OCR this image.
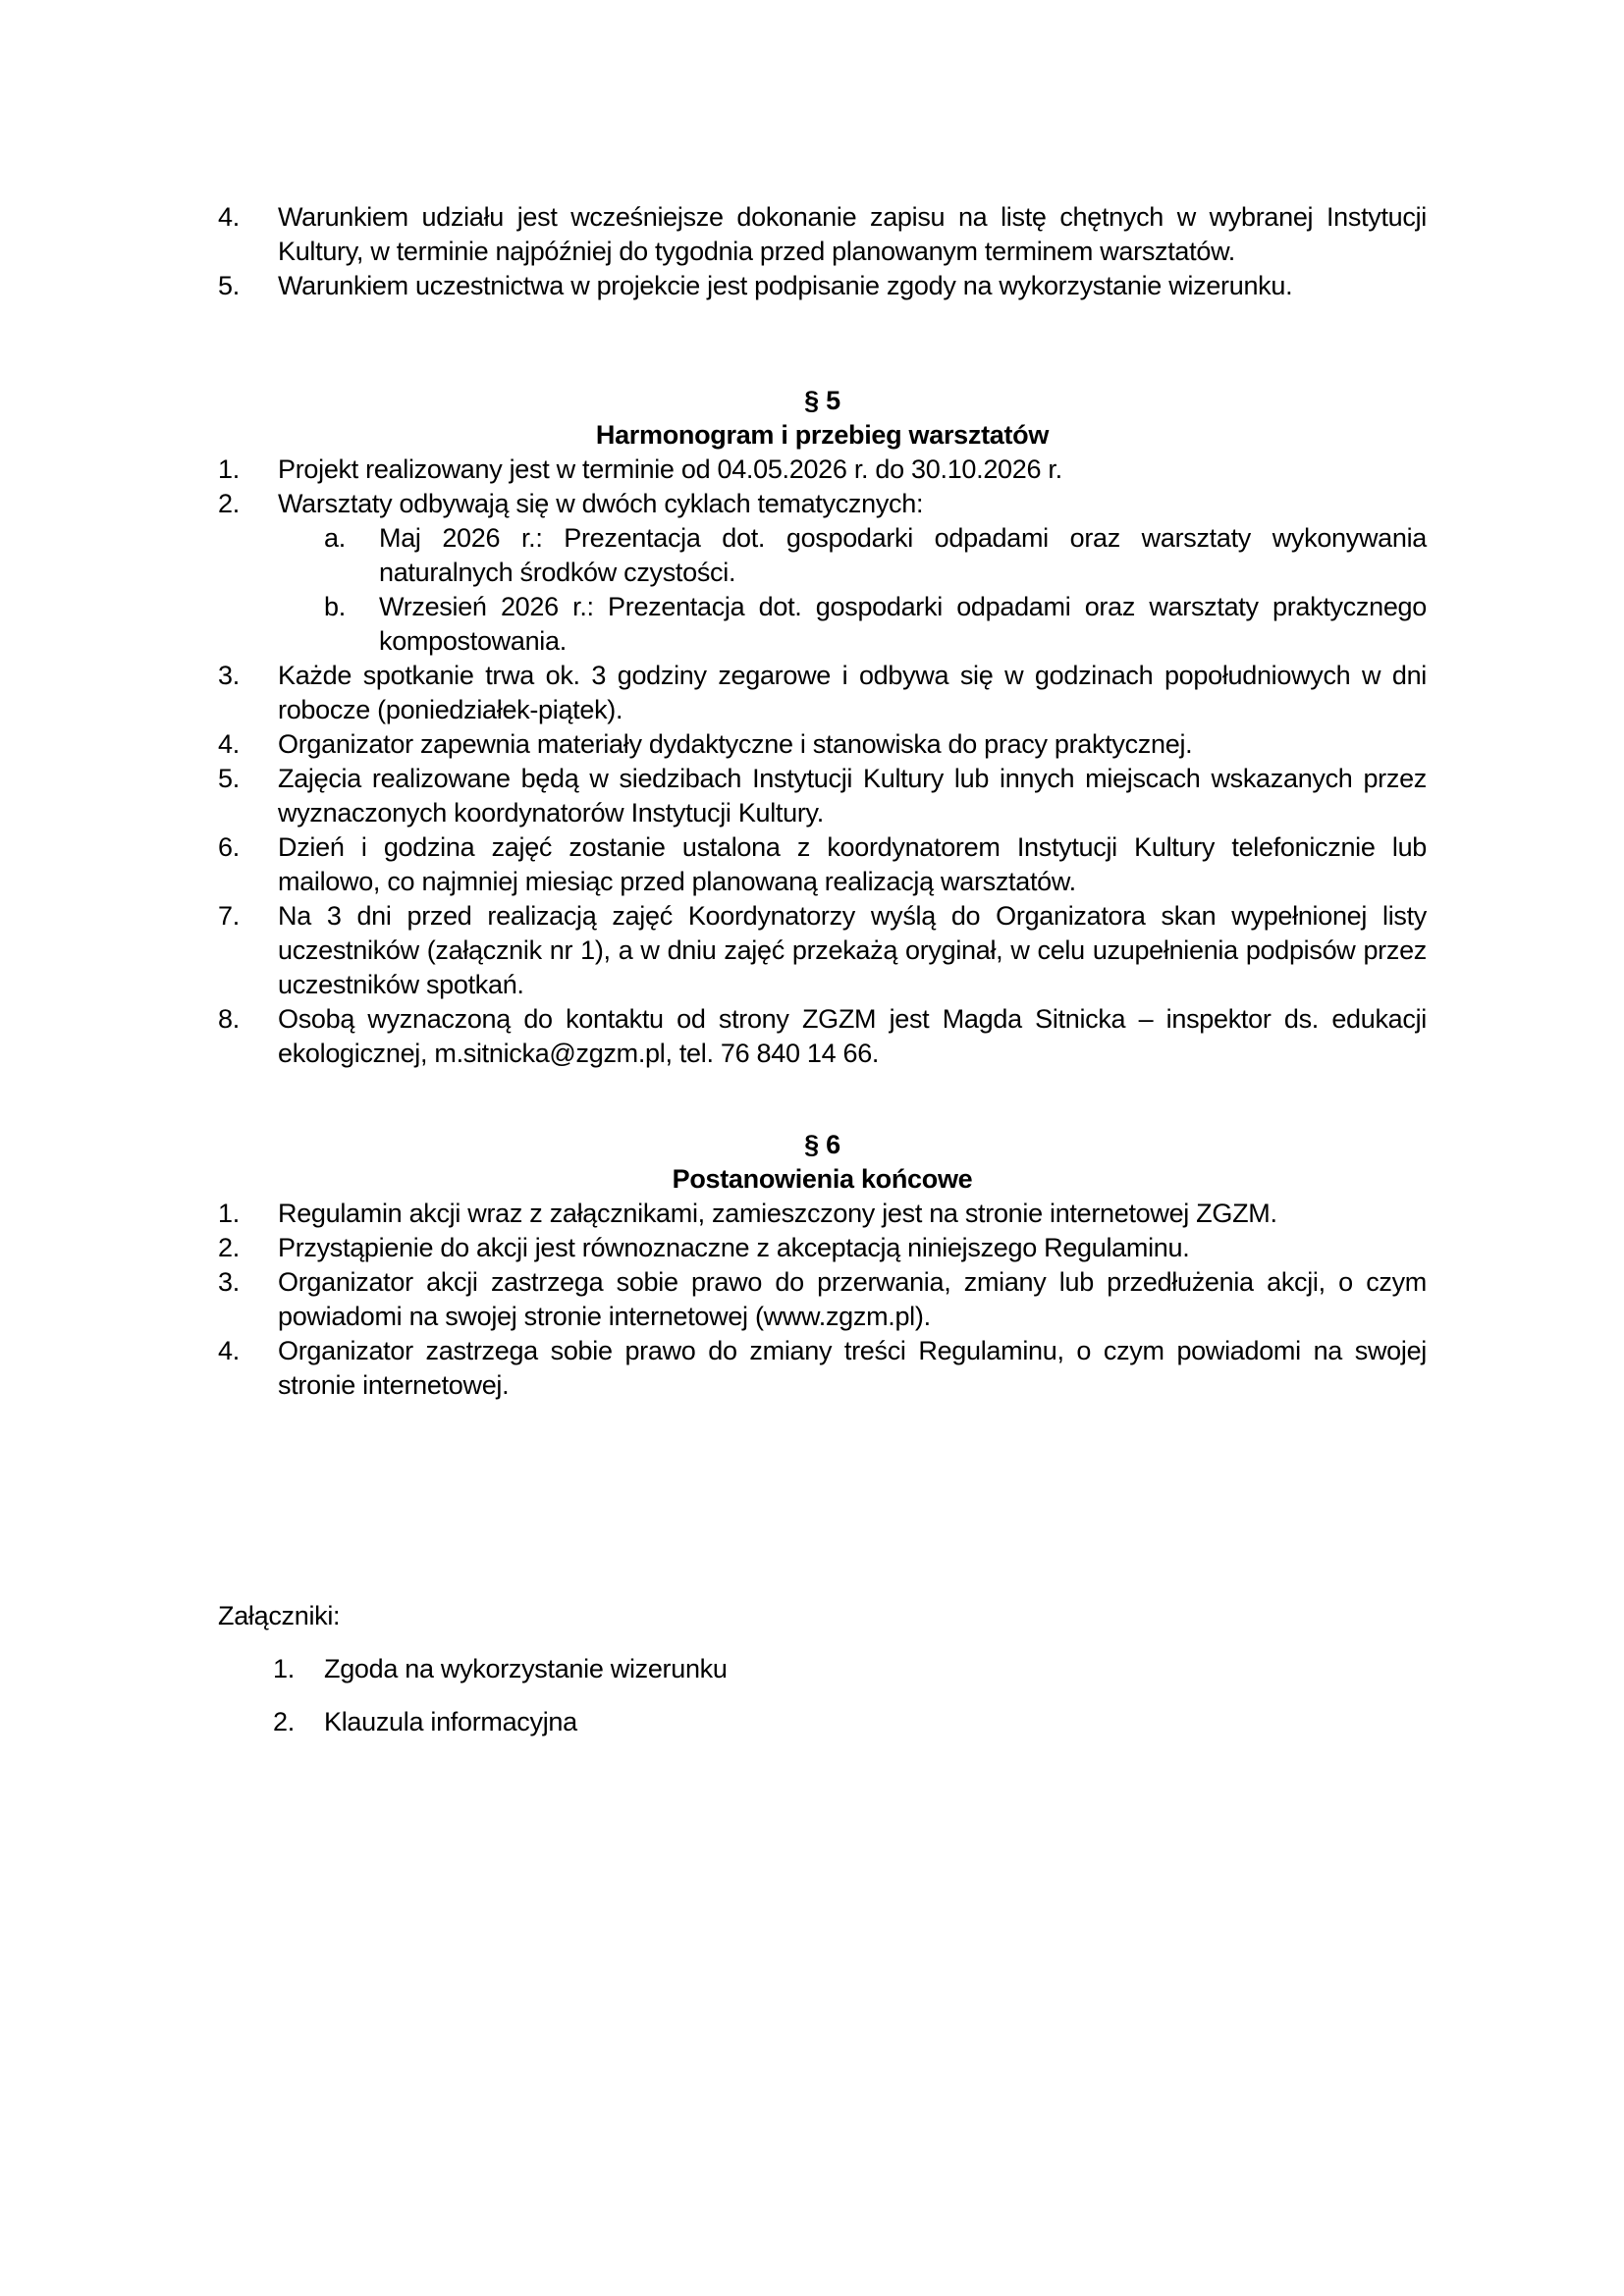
4.	Warunkiem udziału jest wcześniejsze dokonanie zapisu na listę chętnych w wybranej Instytucji Kultury, w terminie najpóźniej do tygodnia przed planowanym terminem warsztatów.
5.	Warunkiem uczestnictwa w projekcie jest podpisanie zgody na wykorzystanie wizerunku.
§ 5
Harmonogram i przebieg warsztatów
1.	Projekt realizowany jest w terminie od 04.05.2026 r. do 30.10.2026 r.
2.	Warsztaty odbywają się w dwóch cyklach tematycznych:
a.	Maj 2026 r.: Prezentacja dot. gospodarki odpadami oraz warsztaty wykonywania naturalnych środków czystości.
b.	Wrzesień 2026 r.: Prezentacja dot. gospodarki odpadami oraz warsztaty praktycznego kompostowania.
3.	Każde spotkanie trwa ok. 3 godziny zegarowe i odbywa się w godzinach popołudniowych w dni robocze (poniedziałek-piątek).
4.	Organizator zapewnia materiały dydaktyczne i stanowiska do pracy praktycznej.
5.	Zajęcia realizowane będą w siedzibach Instytucji Kultury lub innych miejscach wskazanych przez wyznaczonych koordynatorów Instytucji Kultury.
6.	Dzień i godzina zajęć zostanie ustalona z koordynatorem Instytucji Kultury telefonicznie lub mailowo, co najmniej miesiąc przed planowaną realizacją warsztatów.
7.	Na 3 dni przed realizacją zajęć Koordynatorzy wyślą do Organizatora skan wypełnionej listy uczestników (załącznik nr 1), a w dniu zajęć przekażą oryginał, w celu uzupełnienia podpisów przez uczestników spotkań.
8.	Osobą wyznaczoną do kontaktu od strony ZGZM jest Magda Sitnicka – inspektor ds. edukacji ekologicznej, m.sitnicka@zgzm.pl, tel. 76 840 14 66.
§ 6
Postanowienia końcowe
1.	Regulamin akcji wraz z załącznikami, zamieszczony jest na stronie internetowej ZGZM.
2.	Przystąpienie do akcji jest równoznaczne z akceptacją niniejszego Regulaminu.
3.	Organizator akcji zastrzega sobie prawo do przerwania, zmiany lub przedłużenia akcji, o czym powiadomi na swojej stronie internetowej (www.zgzm.pl).
4.	Organizator zastrzega sobie prawo do zmiany treści Regulaminu, o czym powiadomi na swojej stronie internetowej.
Załączniki:
1.	Zgoda na wykorzystanie wizerunku
2.	Klauzula informacyjna
